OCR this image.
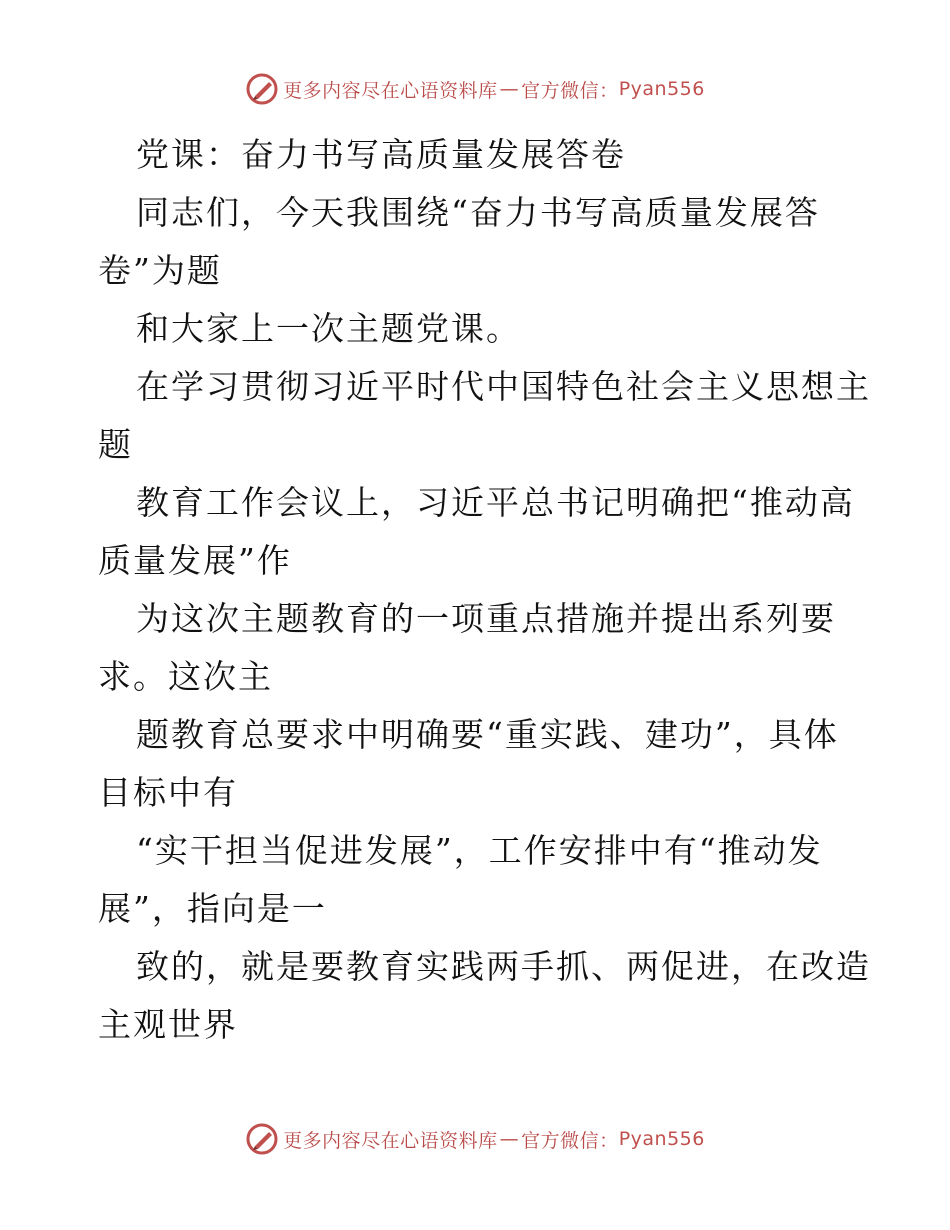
更多内容尽在心语资料库 — 官方微信： Pyan556
党课：奋力书写高质量发展答卷
同志们，今天我围绕“奋力书写高质量发展答
卷”为题
和大家上一次主题党课。
在学习贯彻习近平时代中国特色社会主义思想主
题
教育工作会议上，习近平总书记明确把“推动高
质量发展”作
为这次主题教育的一项重点措施并提出系列要
求。这次主
题教育总要求中明确要“重实践、建功”，具体
目标中有
“实干担当促进发展”，工作安排中有“推动发
展”，指向是一
致的，就是要教育实践两手抓、两促进，在改造
主观世界
更多内容尽在心语资料库 — 官方微信： Pyan556
